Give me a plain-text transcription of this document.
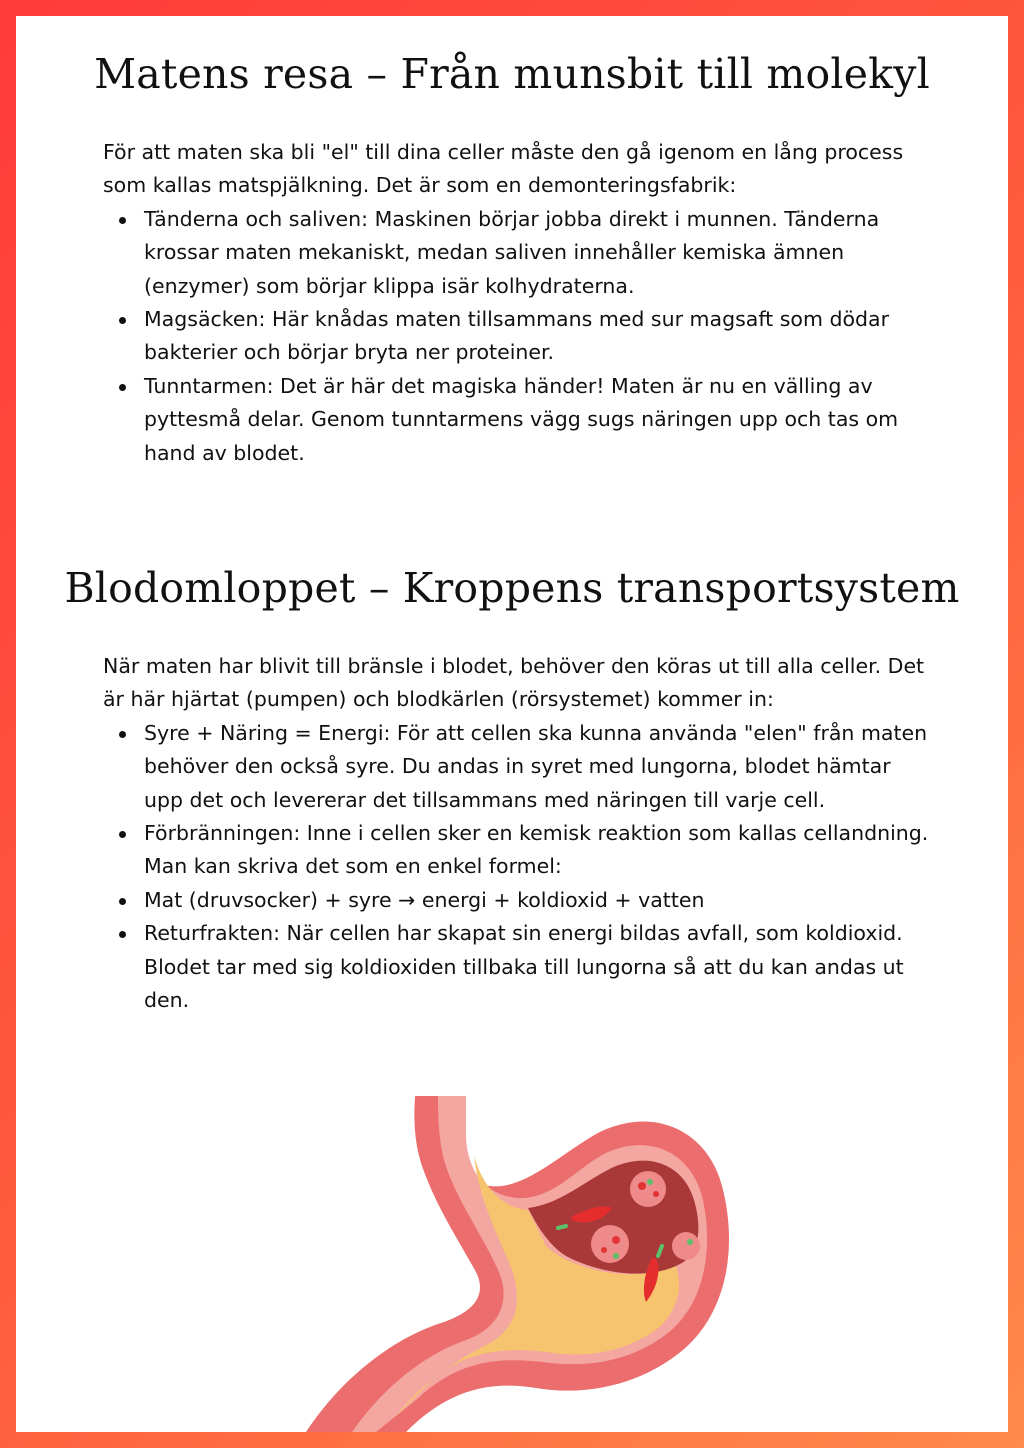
Matens resa – Från munsbit till molekyl

För att maten ska bli "el" till dina celler måste den gå igenom en lång process som kallas matspjälkning. Det är som en demonteringsfabrik:

Tänderna och saliven: Maskinen börjar jobba direkt i munnen. Tänderna krossar maten mekaniskt, medan saliven innehåller kemiska ämnen (enzymer) som börjar klippa isär kolhydraterna.
Magsäcken: Här knådas maten tillsammans med sur magsaft som dödar bakterier och börjar bryta ner proteiner.
Tunntarmen: Det är här det magiska händer! Maten är nu en välling av pyttesmå delar. Genom tunntarmens vägg sugs näringen upp och tas om hand av blodet.
Blodomloppet – Kroppens transportsystem

När maten har blivit till bränsle i blodet, behöver den köras ut till alla celler. Det är här hjärtat (pumpen) och blodkärlen (rörsystemet) kommer in:

Syre + Näring = Energi: För att cellen ska kunna använda "elen" från maten behöver den också syre. Du andas in syret med lungorna, blodet hämtar upp det och levererar det tillsammans med näringen till varje cell.
Förbränningen: Inne i cellen sker en kemisk reaktion som kallas cellandning. Man kan skriva det som en enkel formel:
Mat (druvsocker) + syre → energi + koldioxid + vatten
Returfrakten: När cellen har skapat sin energi bildas avfall, som koldioxid. Blodet tar med sig koldioxiden tillbaka till lungorna så att du kan andas ut den.
